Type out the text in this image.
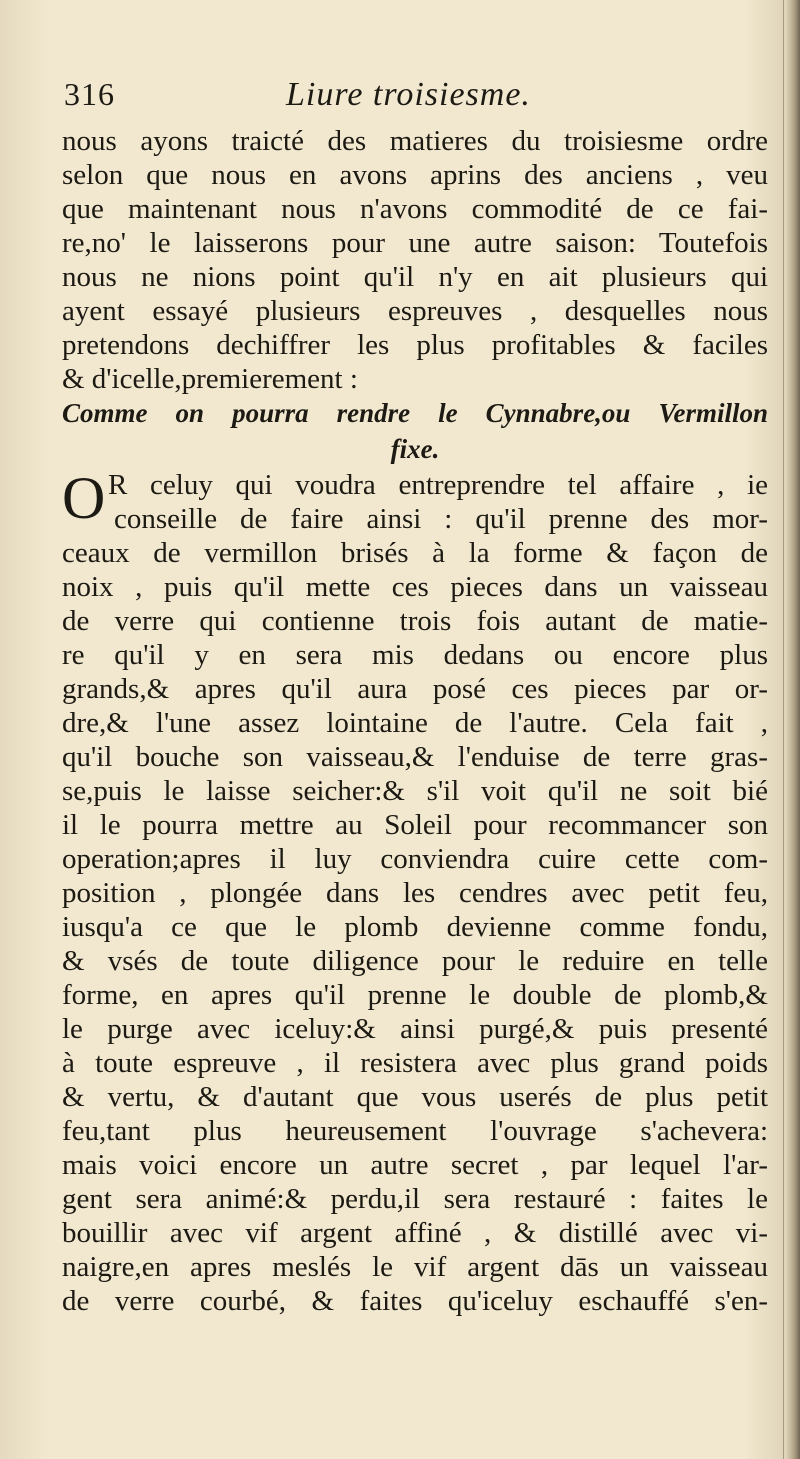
316	Liure troisiesme.
nous ayons traicté des matieres du troisiesme ordre
selon que nous en avons aprins des anciens , veu
que maintenant nous n'avons commodité de ce fai-
re,no' le laisserons pour une autre saison: Toutefois
nous ne nions point qu'il n'y en ait plusieurs qui
ayent essayé plusieurs espreuves , desquelles nous
pretendons dechiffrer les plus profitables & faciles
& d'icelle,premierement :
Comme on pourra rendre le Cynnabre,ou Vermillon
fixe.
O R celuy qui voudra entreprendre tel affaire , ie
conseille de faire ainsi : qu'il prenne des mor-
ceaux de vermillon brisés à la forme & façon de
noix , puis qu'il mette ces pieces dans un vaisseau
de verre qui contienne trois fois autant de matie-
re qu'il y en sera mis dedans ou encore plus
grands,& apres qu'il aura posé ces pieces par or-
dre,& l'une assez lointaine de l'autre. Cela fait ,
qu'il bouche son vaisseau,& l'enduise de terre gras-
se,puis le laisse seicher:& s'il voit qu'il ne soit bié
il le pourra mettre au Soleil pour recommancer son
operation;apres il luy conviendra cuire cette com-
position , plongée dans les cendres avec petit feu,
iusqu'a ce que le plomb devienne comme fondu,
& vsés de toute diligence pour le reduire en telle
forme, en apres qu'il prenne le double de plomb,&
le purge avec iceluy:& ainsi purgé,& puis presenté
à toute espreuve , il resistera avec plus grand poids
& vertu, & d'autant que vous userés de plus petit
feu,tant plus heureusement l'ouvrage s'achevera:
mais voici encore un autre secret , par lequel l'ar-
gent sera animé:& perdu,il sera restauré : faites le
bouillir avec vif argent affiné , & distillé avec vi-
naigre,en apres meslés le vif argent dās un vaisseau
de verre courbé, & faites qu'iceluy eschauffé s'en-
